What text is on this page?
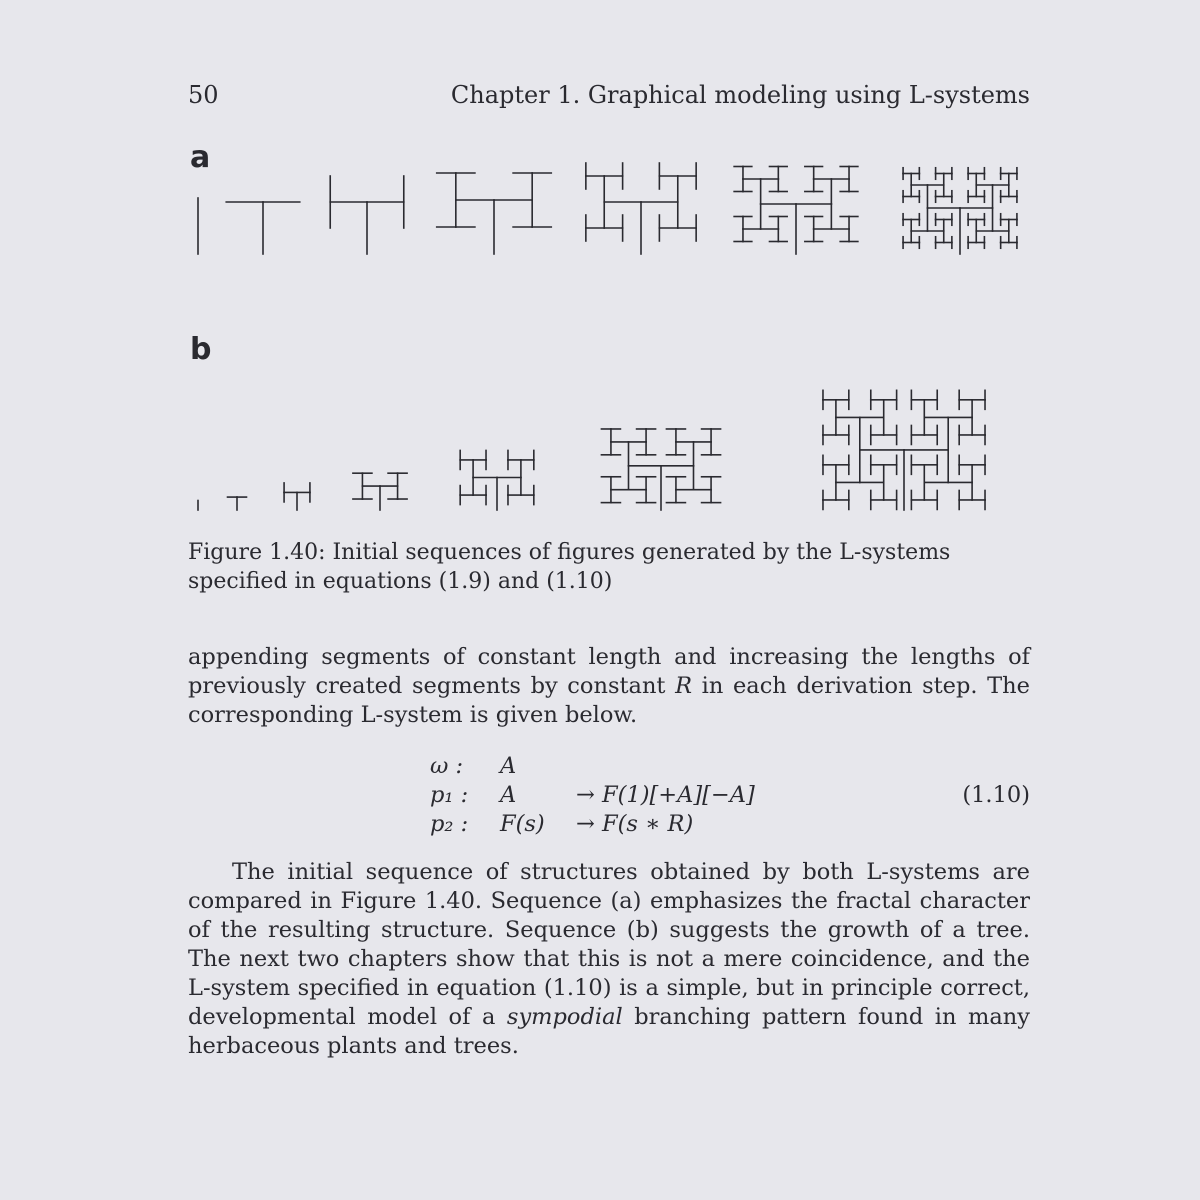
50	Chapter 1. Graphical modeling using L-systems
a
b
Figure 1.40: Initial sequences of figures generated by the L-systems specified in equations (1.9) and (1.10)
appending segments of constant length and increasing the lengths of previously created segments by constant R in each derivation step. The corresponding L-system is given below.
ω :	A
p₁ :	A	→ F(1)[+A][−A]
p₂ :	F(s) → F(s ∗ R)
(1.10)
The initial sequence of structures obtained by both L-systems are compared in Figure 1.40. Sequence (a) emphasizes the fractal character of the resulting structure. Sequence (b) suggests the growth of a tree. The next two chapters show that this is not a mere coincidence, and the L-system specified in equation (1.10) is a simple, but in principle correct, developmental model of a sympodial branching pattern found in many herbaceous plants and trees.
